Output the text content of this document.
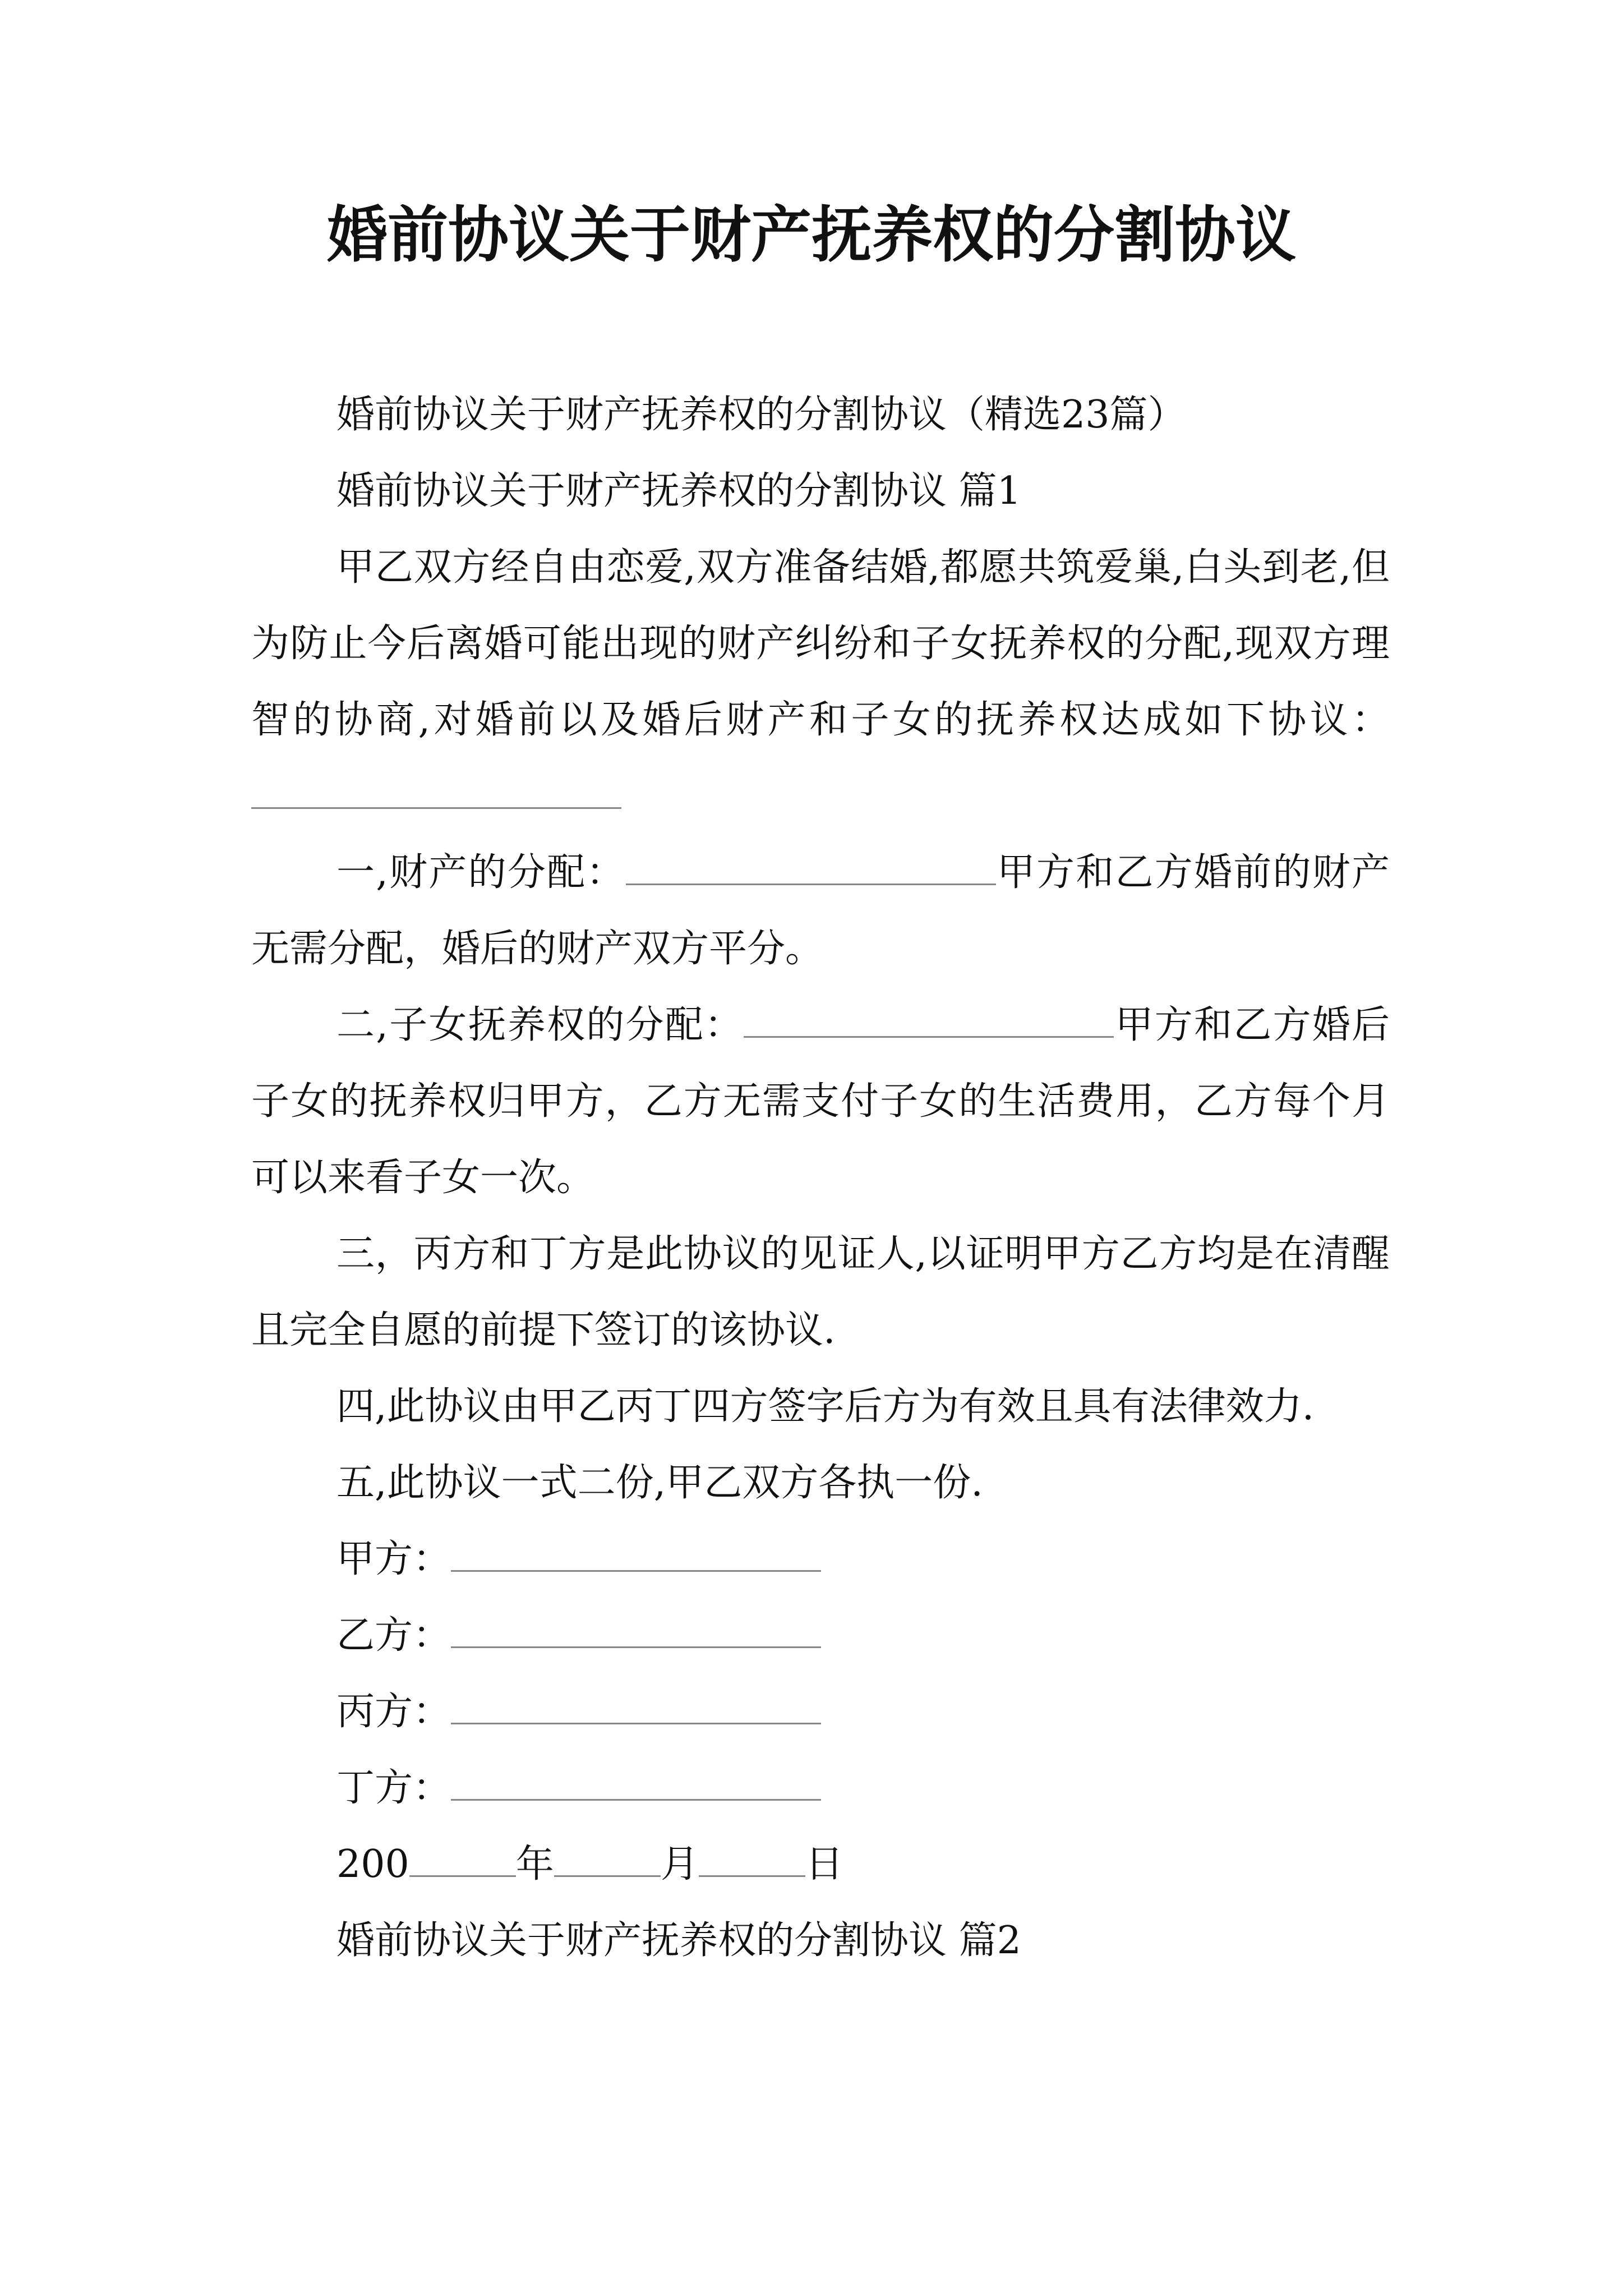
婚前协议关于财产抚养权的分割协议

婚前协议关于财产抚养权的分割协议（精选23篇）

婚前协议关于财产抚养权的分割协议 篇1

甲乙双方经自由恋爱,双方准备结婚,都愿共筑爱巢,白头到老,但为防止今后离婚可能出现的财产纠纷和子女抚养权的分配,现双方理智的协商,对婚前以及婚后财产和子女的抚养权达成如下协议：

一,财产的分配：	甲方和乙方婚前的财产无需分配，婚后的财产双方平分。

二,子女抚养权的分配：	甲方和乙方婚后子女的抚养权归甲方，乙方无需支付子女的生活费用，乙方每个月可以来看子女一次。

三，丙方和丁方是此协议的见证人,以证明甲方乙方均是在清醒且完全自愿的前提下签订的该协议.

四,此协议由甲乙丙丁四方签字后方为有效且具有法律效力.

五,此协议一式二份,甲乙双方各执一份.

甲方：

乙方：

丙方：

丁方：

200	年	月	日

婚前协议关于财产抚养权的分割协议 篇2
